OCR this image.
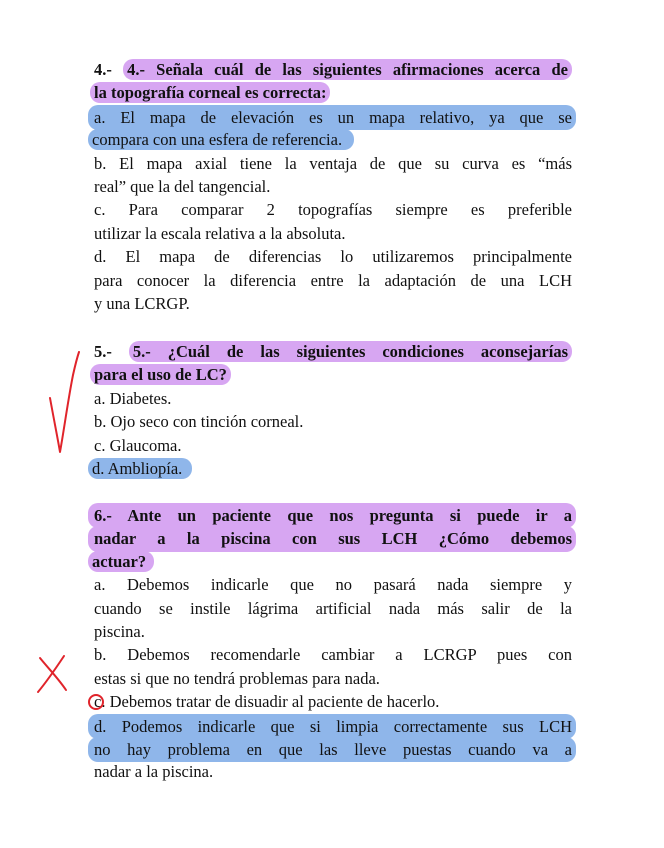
4.- 4.- Señala cuál de las siguientes afirmaciones acerca de
la topografía corneal es correcta:
a. El mapa de elevación es un mapa relativo, ya que se
compara con una esfera de referencia.
b. El mapa axial tiene la ventaja de que su curva es “más
real” que la del tangencial.
c. Para comparar 2 topografías siempre es preferible
utilizar la escala relativa a la absoluta.
d. El mapa de diferencias lo utilizaremos principalmente
para conocer la diferencia entre la adaptación de una LCH
y una LCRGP.
5.- 5.- ¿Cuál de las siguientes condiciones aconsejarías
para el uso de LC?
a. Diabetes.
b. Ojo seco con tinción corneal.
c. Glaucoma.
d. Ambliopía.
6.- Ante un paciente que nos pregunta si puede ir a
nadar a la piscina con sus LCH ¿Cómo debemos
actuar?
a. Debemos indicarle que no pasará nada siempre y
cuando se instile lágrima artificial nada más salir de la
piscina.
b. Debemos recomendarle cambiar a LCRGP pues con
estas si que no tendrá problemas para nada.
c. Debemos tratar de disuadir al paciente de hacerlo.
d. Podemos indicarle que si limpia correctamente sus LCH
no hay problema en que las lleve puestas cuando va a
nadar a la piscina.
